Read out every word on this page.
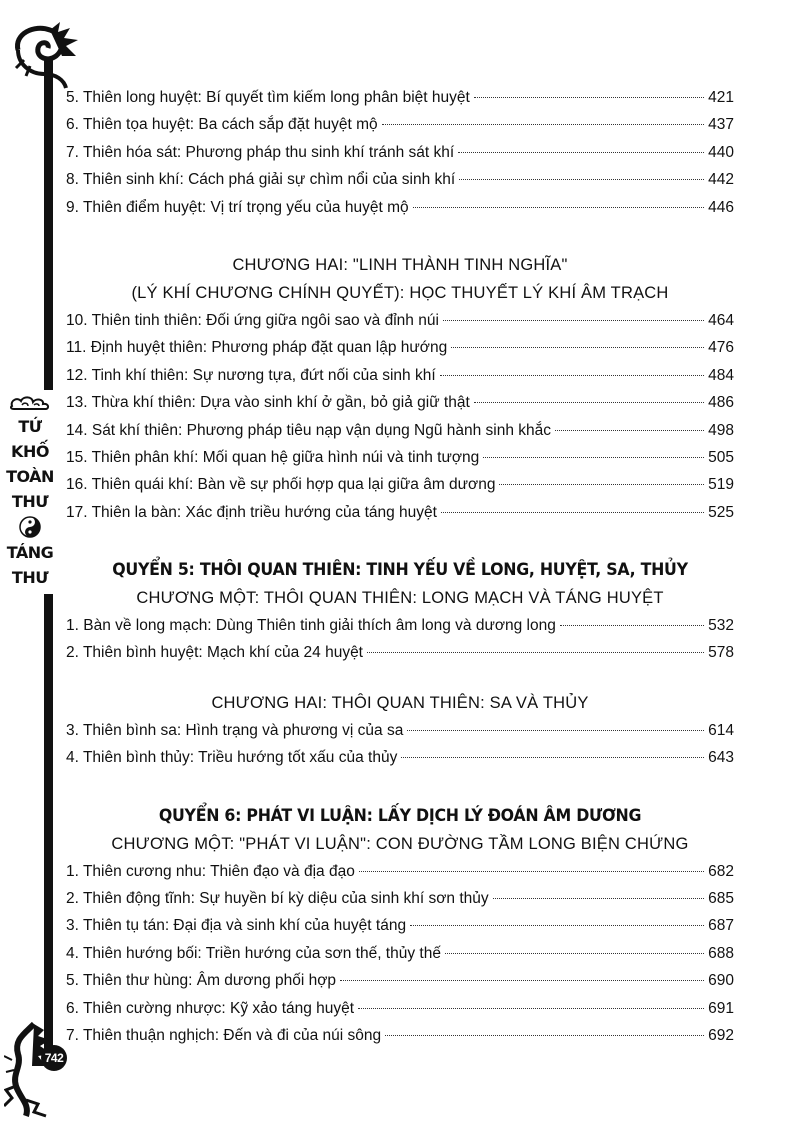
TỨ
KHỐ
TOÀN
THƯ
TÁNG
THƯ
742
5. Thiên long huyệt: Bí quyết tìm kiếm long phân biệt huyệt	421
6. Thiên tọa huyệt: Ba cách sắp đặt huyệt mộ	437
7. Thiên hóa sát: Phương pháp thu sinh khí tránh sát khí	440
8. Thiên sinh khí: Cách phá giải sự chìm nổi của sinh khí	442
9. Thiên điểm huyệt: Vị trí trọng yếu của huyệt mộ	446
CHƯƠNG HAI: "LINH THÀNH TINH NGHĨA"
(LÝ KHÍ CHƯƠNG CHÍNH QUYẾT): HỌC THUYẾT LÝ KHÍ ÂM TRẠCH
10. Thiên tinh thiên: Đối ứng giữa ngôi sao và đỉnh núi	464
11. Định huyệt thiên: Phương pháp đặt quan lập hướng	476
12. Tinh khí thiên: Sự nương tựa, đứt nối của sinh khí	484
13. Thừa khí thiên: Dựa vào sinh khí ở gần, bỏ giả giữ thật	486
14. Sát khí thiên: Phương pháp tiêu nạp vận dụng Ngũ hành sinh khắc	498
15. Thiên phân khí: Mối quan hệ giữa hình núi và tinh tượng	505
16. Thiên quái khí: Bàn về sự phối hợp qua lại giữa âm dương	519
17. Thiên la bàn: Xác định triều hướng của táng huyệt	525
QUYỂN 5: THÔI QUAN THIÊN: TINH YẾU VỀ LONG, HUYỆT, SA, THỦY
CHƯƠNG MỘT: THÔI QUAN THIÊN: LONG MẠCH VÀ TÁNG HUYỆT
1. Bàn về long mạch: Dùng Thiên tinh giải thích âm long và dương long	532
2. Thiên bình huyệt: Mạch khí của 24 huyệt	578
CHƯƠNG HAI: THÔI QUAN THIÊN: SA VÀ THỦY
3. Thiên bình sa: Hình trạng và phương vị của sa	614
4. Thiên bình thủy: Triều hướng tốt xấu của thủy	643
QUYỂN 6: PHÁT VI LUẬN: LẤY DỊCH LÝ ĐOÁN ÂM DƯƠNG
CHƯƠNG MỘT: "PHÁT VI LUẬN": CON ĐƯỜNG TẦM LONG BIỆN CHỨNG
1. Thiên cương nhu: Thiên đạo và địa đạo	682
2. Thiên động tĩnh: Sự huyền bí kỳ diệu của sinh khí sơn thủy	685
3. Thiên tụ tán: Đại địa và sinh khí của huyệt táng	687
4. Thiên hướng bối: Triền hướng của sơn thế, thủy thế	688
5. Thiên thư hùng: Âm dương phối hợp	690
6. Thiên cường nhược: Kỹ xảo táng huyệt	691
7. Thiên thuận nghịch: Đến và đi của núi sông	692
